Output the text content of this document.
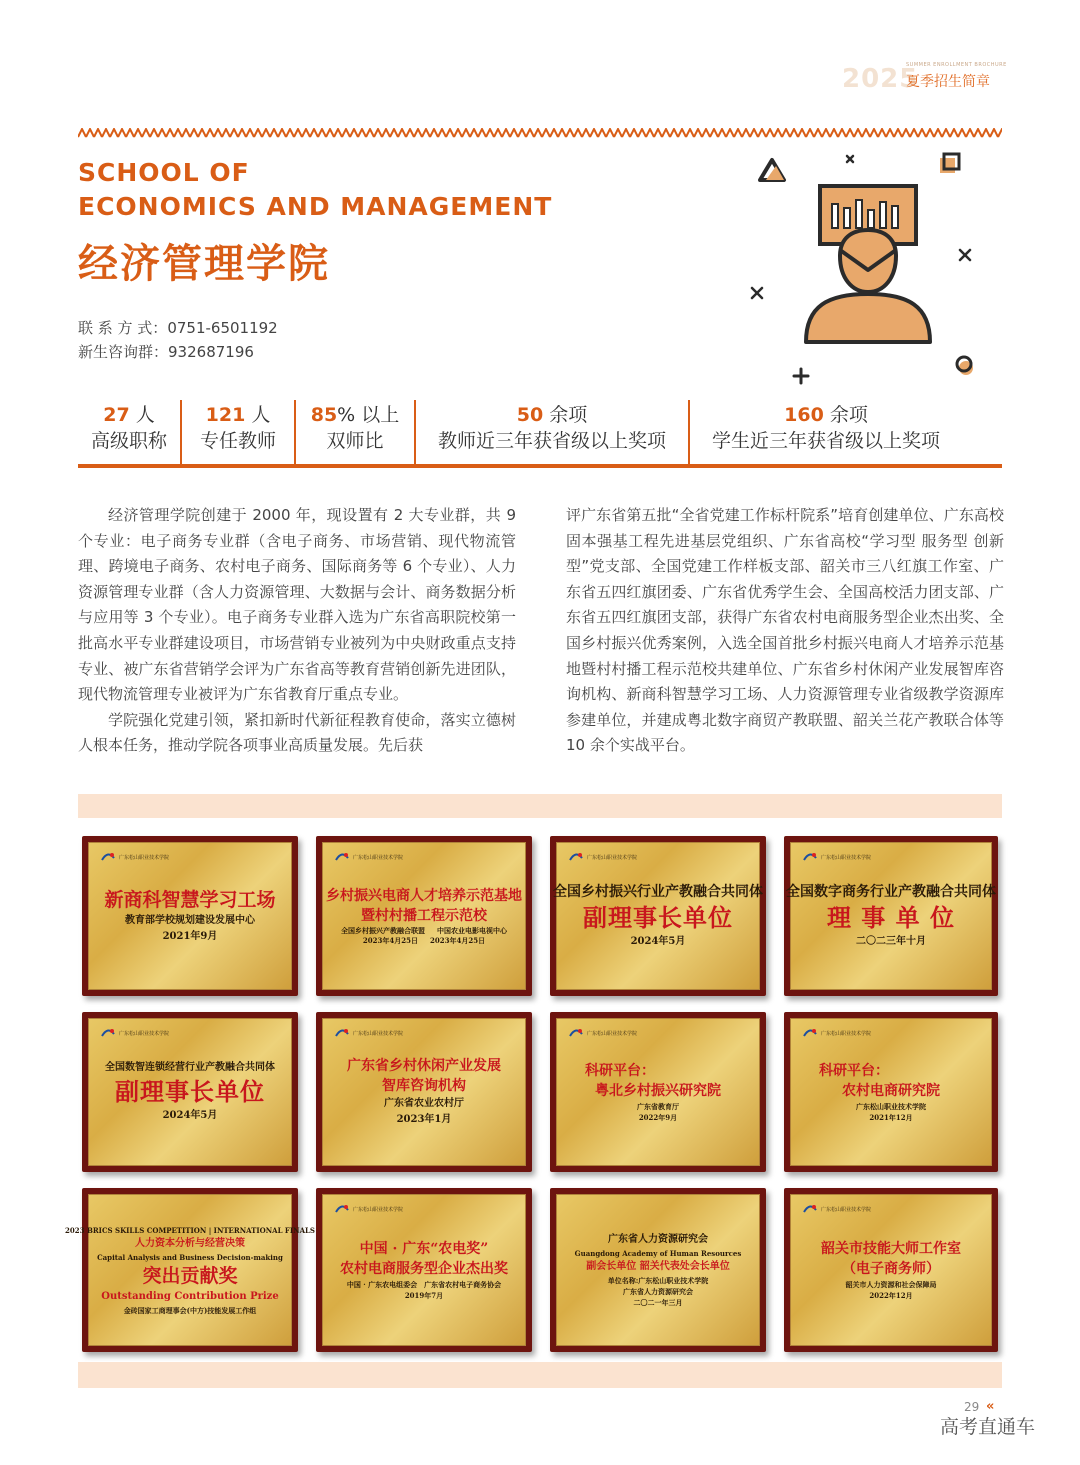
2025
SUMMER ENROLLMENT BROCHURE
夏季招生简章
SCHOOL OF
ECONOMICS AND MANAGEMENT
经济管理学院
联 系 方 式：0751-6501192
新生咨询群：932687196
27 人
高级职称
121 人
专任教师
85% 以上
双师比
50 余项
教师近三年获省级以上奖项
160 余项
学生近三年获省级以上奖项

经济管理学院创建于 2000 年，现设置有 2 大专业群，共 9 个专业：电子商务专业群（含电子商务、市场营销、现代物流管理、跨境电子商务、农村电子商务、国际商务等 6 个专业）、人力资源管理专业群（含人力资源管理、大数据与会计、商务数据分析与应用等 3 个专业）。电子商务专业群入选为广东省高职院校第一批高水平专业群建设项目，市场营销专业被列为中央财政重点支持专业、被广东省营销学会评为广东省高等教育营销创新先进团队，现代物流管理专业被评为广东省教育厅重点专业。

学院强化党建引领，紧扣新时代新征程教育使命，落实立德树人根本任务，推动学院各项事业高质量发展。先后获

评广东省第五批“全省党建工作标杆院系”培育创建单位、广东高校固本强基工程先进基层党组织、广东省高校“学习型 服务型 创新型”党支部、全国党建工作样板支部、韶关市三八红旗工作室、广东省五四红旗团委、广东省优秀学生会、全国高校活力团支部、广东省五四红旗团支部，获得广东省农村电商服务型企业杰出奖、全国乡村振兴优秀案例，入选全国首批乡村振兴电商人才培养示范基地暨村村播工程示范校共建单位、广东省乡村休闲产业发展智库咨询机构、新商科智慧学习工场、人力资源管理专业省级教学资源库参建单位，并建成粤北数字商贸产教联盟、韶关兰花产教联合体等 10 余个实战平台。

广东松山职业技术学院
新商科智慧学习工场
教育部学校规划建设发展中心
2021年9月
广东松山职业技术学院
乡村振兴电商人才培养示范基地
暨村村播工程示范校
全国乡村振兴产教融合联盟 中国农业电影电视中心
2023年4月25日 2023年4月25日
广东松山职业技术学院
全国乡村振兴行业产教融合共同体
副理事长单位
2024年5月
广东松山职业技术学院
全国数字商务行业产教融合共同体
理 事 单 位
二〇二三年十月
广东松山职业技术学院
全国数智连锁经营行业产教融合共同体
副理事长单位
2024年5月
广东松山职业技术学院
广东省乡村休闲产业发展
智库咨询机构
广东省农业农村厅
2023年1月
广东松山职业技术学院
科研平台：
粤北乡村振兴研究院
广东省教育厅
2022年9月
广东松山职业技术学院
科研平台：
农村电商研究院
广东松山职业技术学院
2021年12月
2023 BRICS SKILLS COMPETITION | INTERNATIONAL FINALS
人力资本分析与经营决策
Capital Analysis and Business Decision-making
突出贡献奖
Outstanding Contribution Prize
金砖国家工商理事会(中方)技能发展工作组
广东松山职业技术学院
中国 · 广东“农电奖”
农村电商服务型企业杰出奖
中国 · 广东农电组委会　广东省农村电子商务协会
2019年7月
广东省人力资源研究会
Guangdong Academy of Human Resources
副会长单位 韶关代表处会长单位
单位名称:广东松山职业技术学院
广东省人力资源研究会
二〇二一年三月
广东松山职业技术学院
韶关市技能大师工作室
（电子商务师）
韶关市人力资源和社会保障局
2022年12月
29 «
高考直通车
